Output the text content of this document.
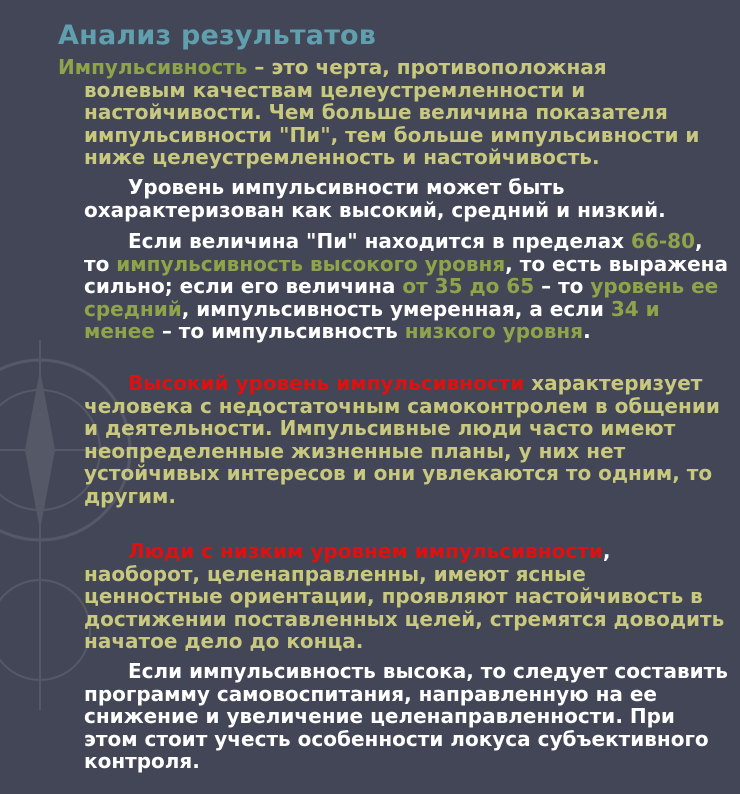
Анализ результатов
Импульсивность – это черта, противоположная
волевым качествам целеустремленности и настойчивости. Чем больше величина показателя импульсивности "Пи", тем больше импульсивности и ниже целеустремленность и настойчивость.
Уровень импульсивности может быть охарактеризован как высокий, средний и низкий.
Если величина "Пи" находится в пределах 66-80, то импульсивность высокого уровня, то есть выражена сильно; если его величина от 35 до 65 – то уровень ее средний, импульсивность умеренная, а если 34 и менее – то импульсивность низкого уровня.
Высокий уровень импульсивности характеризует человека с недостаточным самоконтролем в общении и деятельности. Импульсивные люди часто имеют неопределенные жизненные планы, у них нет устойчивых интересов и они увлекаются то одним, то другим.
Люди с низким уровнем импульсивности, наоборот, целенаправленны, имеют ясные ценностные ориентации, проявляют настойчивость в достижении поставленных целей, стремятся доводить начатое дело до конца.
Если импульсивность высока, то следует составить программу самовоспитания, направленную на ее снижение и увеличение целенаправленности. При этом стоит учесть особенности локуса субъективного контроля.
